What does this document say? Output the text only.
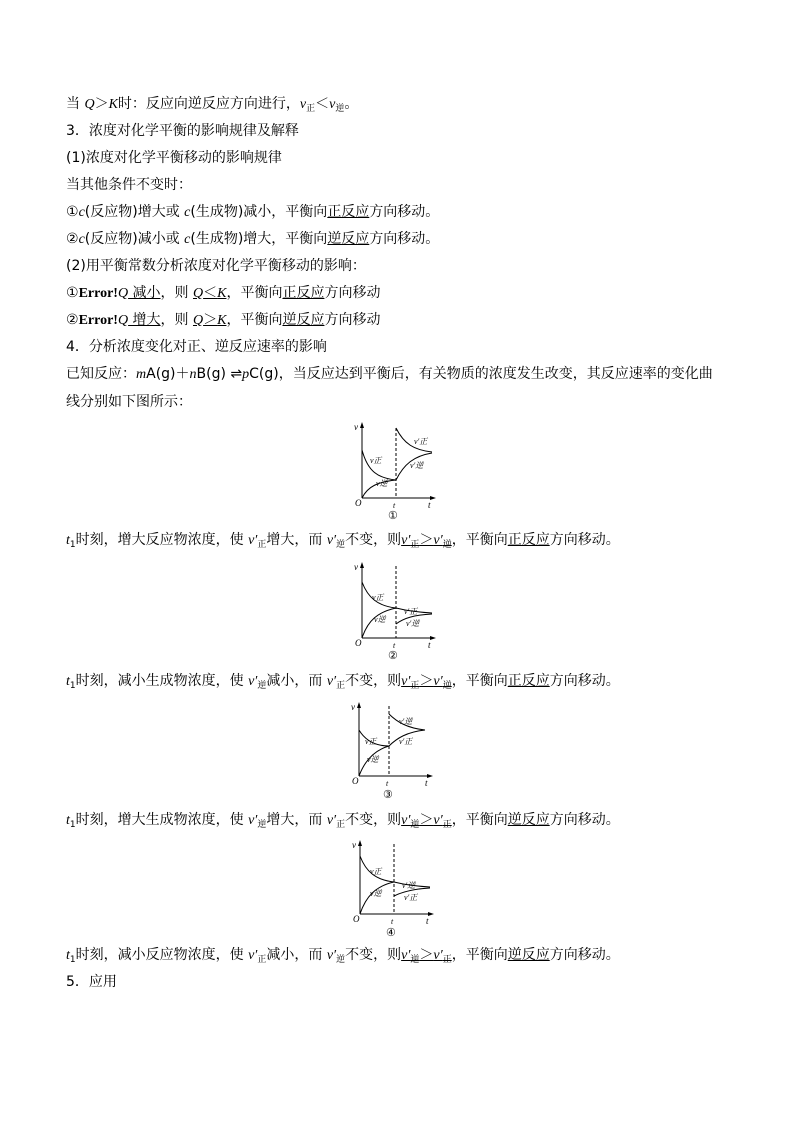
当 Q＞K时：反应向逆反应方向进行，$v_正<v_逆$。
3．浓度对化学平衡的影响规律及解释
(1)浓度对化学平衡移动的影响规律
当其他条件不变时：
①c(反应物)增大或 c(生成物)减小，平衡向正反应方向移动。
②c(反应物)减小或 c(生成物)增大，平衡向逆反应方向移动。
(2)用平衡常数分析浓度对化学平衡移动的影响：
①Error!Q 减小，则 Q＜K，平衡向正反应方向移动
②Error!Q 增大，则 Q＞K，平衡向逆反应方向移动
4．分析浓度变化对正、逆反应速率的影响
已知反应：mA(g)＋nB(g) ⇌pC(g)，当反应达到平衡后，有关物质的浓度发生改变，其反应速率的变化曲
线分别如下图所示：
v
O	t
t
v正
v逆
v′正
v′逆
①
$t_1$时刻，增大反应物浓度，使 $v'_正$增大，而 $v'_逆$不变，则$v'_正>v'_逆$，平衡向正反应方向移动。
v
O	t
t
v正
v逆
v′正
v′逆
②
$t_1$时刻，减小生成物浓度，使 $v'_逆$减小，而 $v'_正$不变，则$v'_正>v'_逆$，平衡向正反应方向移动。
v
O	t
t
v正
v逆
v′逆
v′正
③
$t_1$时刻，增大生成物浓度，使 $v'_逆$增大，而 $v'_正$不变，则$v'_逆>v'_正$，平衡向逆反应方向移动。
v
O	t
t
v正
v逆
v′逆
v′正
④
$t_1$时刻，减小反应物浓度，使 $v'_正$减小，而 $v'_逆$不变，则$v'_逆>v'_正$，平衡向逆反应方向移动。
5．应用
